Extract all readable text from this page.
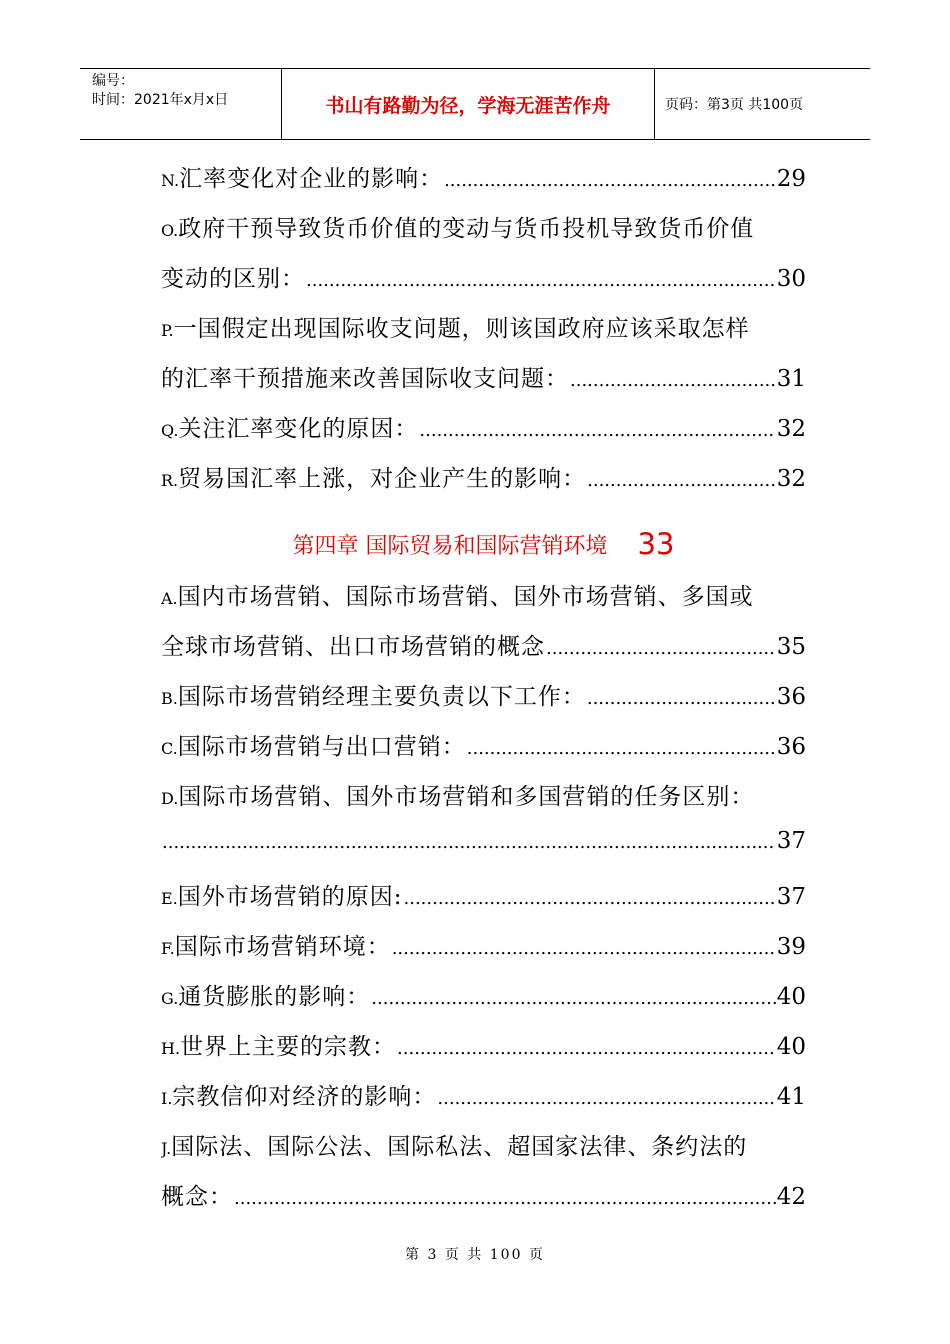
编号：
时间：2021年x月x日	书山有路勤为径，学海无涯苦作舟	页码：第3页 共100页
N. 汇率变化对企业的影响： .....	29
O. 政府干预导致货币价值的变动与货币投机导致货币价值
变动的区别： .....	30
P. 一国假定出现国际收支问题，则该国政府应该采取怎样
的汇率干预措施来改善国际收支问题： .....	31
Q. 关注汇率变化的原因： .....	32
R. 贸易国汇率上涨，对企业产生的影响： .....	32
第四章 国际贸易和国际营销环境 33
A. 国内市场营销、国际市场营销、国外市场营销、多国或
全球市场营销、出口市场营销的概念 .....	35
B. 国际市场营销经理主要负责以下工作： .....	36
C. 国际市场营销与出口营销： .....	36
D. 国际市场营销、国外市场营销和多国营销的任务区别：
.....
37
E. 国外市场营销的原因: .....	37
F. 国际市场营销环境： .....	39
G. 通货膨胀的影响： .....	40
H. 世界上主要的宗教： .....	40
I. 宗教信仰对经济的影响： .....	41
J. 国际法、国际公法、国际私法、超国家法律、条约法的
概念： .....	42
第 3 页 共 100 页
